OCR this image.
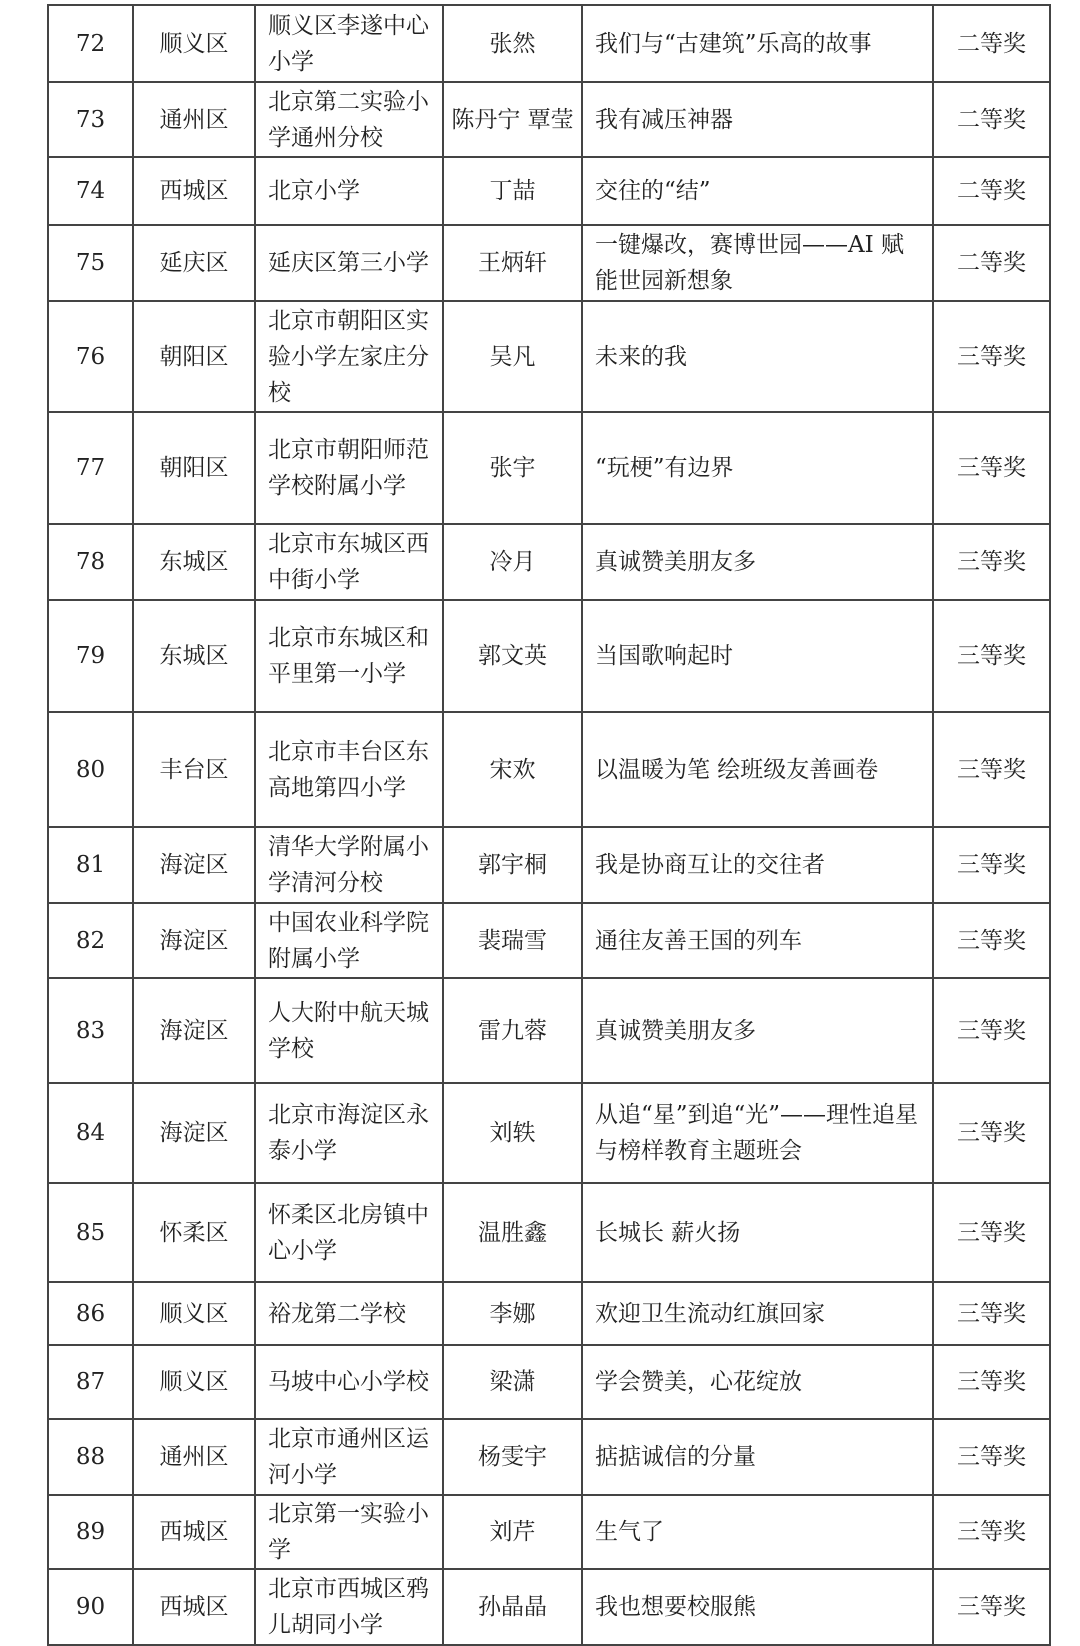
72	顺义区	顺义区李遂中心小学	张然	我们与“古建筑”乐高的故事	二等奖
73	通州区	北京第二实验小学通州分校	陈丹宁 覃莹	我有减压神器	二等奖
74	西城区	北京小学	丁喆	交往的“结”	二等奖
75	延庆区	延庆区第三小学	王炳轩	一键爆改，赛博世园——AI 赋能世园新想象	二等奖
76	朝阳区	北京市朝阳区实验小学左家庄分校	吴凡	未来的我	三等奖
77	朝阳区	北京市朝阳师范学校附属小学	张宇	“玩梗”有边界	三等奖
78	东城区	北京市东城区西中街小学	冷月	真诚赞美朋友多	三等奖
79	东城区	北京市东城区和平里第一小学	郭文英	当国歌响起时	三等奖
80	丰台区	北京市丰台区东高地第四小学	宋欢	以温暖为笔 绘班级友善画卷	三等奖
81	海淀区	清华大学附属小学清河分校	郭宇桐	我是协商互让的交往者	三等奖
82	海淀区	中国农业科学院附属小学	裴瑞雪	通往友善王国的列车	三等奖
83	海淀区	人大附中航天城学校	雷九蓉	真诚赞美朋友多	三等奖
84	海淀区	北京市海淀区永泰小学	刘轶	从追“星”到追“光”——理性追星与榜样教育主题班会	三等奖
85	怀柔区	怀柔区北房镇中心小学	温胜鑫	长城长 薪火扬	三等奖
86	顺义区	裕龙第二学校	李娜	欢迎卫生流动红旗回家	三等奖
87	顺义区	马坡中心小学校	梁潇	学会赞美，心花绽放	三等奖
88	通州区	北京市通州区运河小学	杨雯宇	掂掂诚信的分量	三等奖
89	西城区	北京第一实验小学	刘芹	生气了	三等奖
90	西城区	北京市西城区鸦儿胡同小学	孙晶晶	我也想要校服熊	三等奖
